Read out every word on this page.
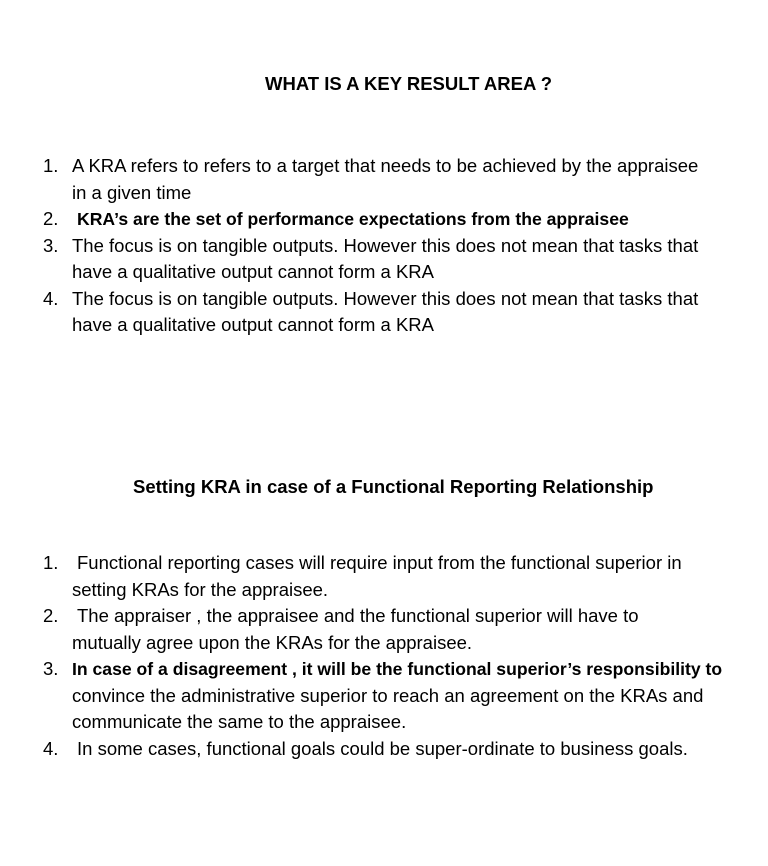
WHAT IS A KEY RESULT AREA ?
1. A KRA refers to refers to a target that needs to be achieved by the appraisee
in a given time
2. KRA’s are the set of performance expectations from the appraisee
3. The focus is on tangible outputs. However this does not mean that tasks that
have a qualitative output cannot form a KRA
4. The focus is on tangible outputs. However this does not mean that tasks that
have a qualitative output cannot form a KRA
Setting KRA in case of a Functional Reporting Relationship
1. Functional reporting cases will require input from the functional superior in
setting KRAs for the appraisee.
2. The appraiser , the appraisee and the functional superior will have to
mutually agree upon the KRAs for the appraisee.
3. In case of a disagreement , it will be the functional superior’s responsibility to
convince the administrative superior to reach an agreement on the KRAs and
communicate the same to the appraisee.
4. In some cases, functional goals could be super-ordinate to business goals.
